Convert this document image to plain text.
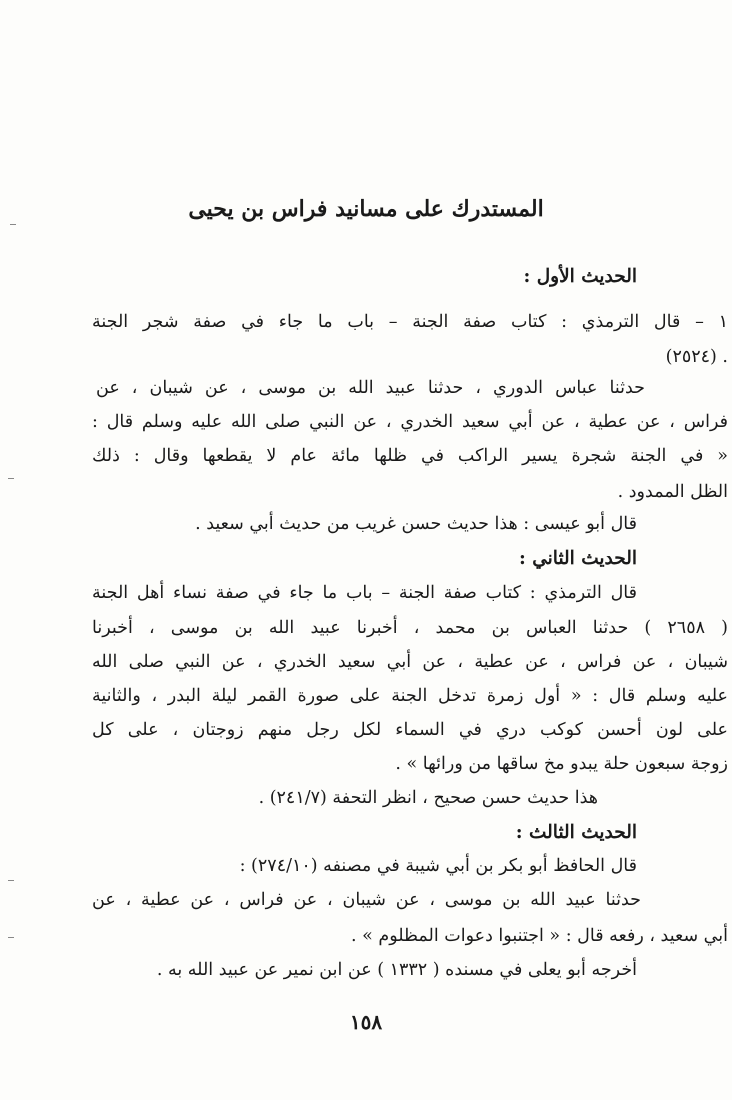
المستدرك على مسانيد فراس بن يحيى
الحديث الأول :
١ – قال الترمذي : كتاب صفة الجنة – باب ما جاء في صفة شجر الجنة
. (٢٥٢٤)
حدثنا عباس الدوري ، حدثنا عبيد الله بن موسى ، عن شيبان ، عن
فراس ، عن عطية ، عن أبي سعيد الخدري ، عن النبي صلى الله عليه وسلم قال :
« في الجنة شجرة يسير الراكب في ظلها مائة عام لا يقطعها وقال : ذلك
الظل الممدود .
قال أبو عيسى : هذا حديث حسن غريب من حديث أبي سعيد .
الحديث الثاني :
قال الترمذي : كتاب صفة الجنة – باب ما جاء في صفة نساء أهل الجنة
( ٢٦٥٨ ) حدثنا العباس بن محمد ، أخبرنا عبيد الله بن موسى ، أخبرنا
شيبان ، عن فراس ، عن عطية ، عن أبي سعيد الخدري ، عن النبي صلى الله
عليه وسلم قال : « أول زمرة تدخل الجنة على صورة القمر ليلة البدر ، والثانية
على لون أحسن كوكب دري في السماء لكل رجل منهم زوجتان ، على كل
زوجة سبعون حلة يبدو مخ ساقها من ورائها » .
هذا حديث حسن صحيح ، انظر التحفة (٢٤١/٧) .
الحديث الثالث :
قال الحافظ أبو بكر بن أبي شيبة في مصنفه (٢٧٤/١٠) :
حدثنا عبيد الله بن موسى ، عن شيبان ، عن فراس ، عن عطية ، عن
أبي سعيد ، رفعه قال : « اجتنبوا دعوات المظلوم » .
أخرجه أبو يعلى في مسنده ( ١٣٣٢ ) عن ابن نمير عن عبيد الله به .
١٥٨
